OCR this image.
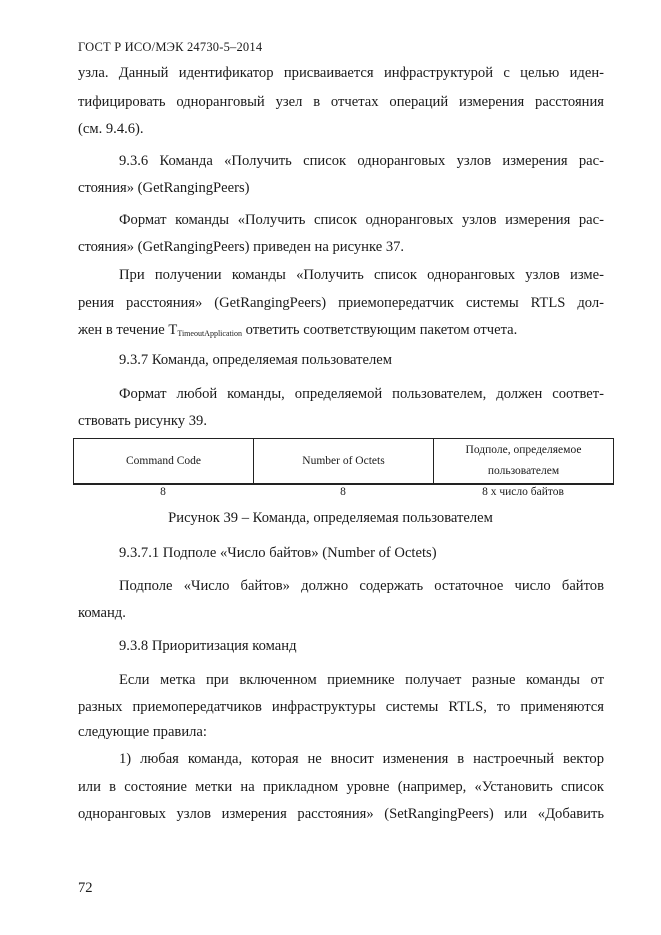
ГОСТ Р ИСО/МЭК 24730-5–2014
узла. Данный идентификатор присваивается инфраструктурой с целью иден-
тифицировать одноранговый узел в отчетах операций измерения расстояния
(см. 9.4.6).
9.3.6 Команда «Получить список одноранговых узлов измерения рас-
стояния» (GetRangingPeers)
Формат команды «Получить список одноранговых узлов измерения рас-
стояния» (GetRangingPeers) приведен на рисунке 37.
При получении команды «Получить список одноранговых узлов изме-
рения расстояния» (GetRangingPeers) приемопередатчик системы RTLS дол-
жен в течение $T_{TimeoutApplication}$ ответить соответствующим пакетом отчета.
9.3.7 Команда, определяемая пользователем
Формат любой команды, определяемой пользователем, должен соответ-
ствовать рисунку 39.
Command Code	Number of Octets	Подполе, определяемое пользователем
8	8	8 x число байтов
Рисунок 39 – Команда, определяемая пользователем
9.3.7.1 Подполе «Число байтов» (Number of Octets)
Подполе «Число байтов» должно содержать остаточное число байтов
команд.
9.3.8 Приоритизация команд
Если метка при включенном приемнике получает разные команды от
разных приемопередатчиков инфраструктуры системы RTLS, то применяются
следующие правила:
1) любая команда, которая не вносит изменения в настроечный вектор
или в состояние метки на прикладном уровне (например, «Установить список
одноранговых узлов измерения расстояния» (SetRangingPeers) или «Добавить
72
